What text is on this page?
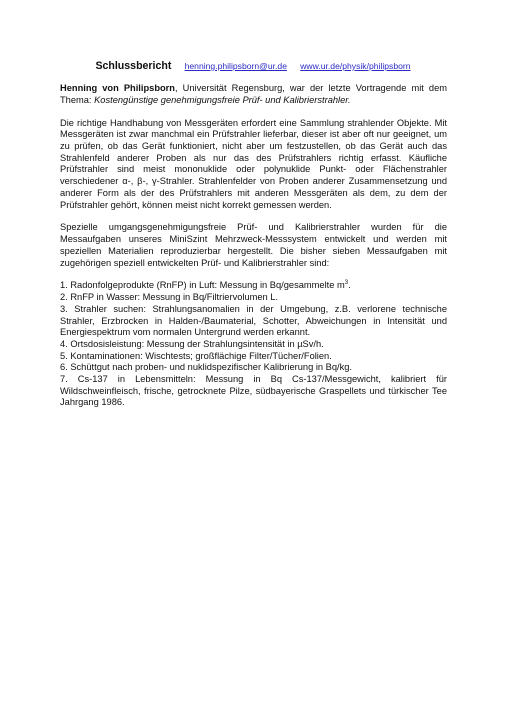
Schlussbericht henning.philipsborn@ur.de www.ur.de/physik/philipsborn

Henning von Philipsborn, Universität Regensburg, war der letzte Vortragende mit dem Thema: Kostengünstige genehmigungsfreie Prüf- und Kalibrierstrahler.

Die richtige Handhabung von Messgeräten erfordert eine Sammlung strahlender Objekte. Mit Messgeräten ist zwar manchmal ein Prüfstrahler lieferbar, dieser ist aber oft nur geeignet, um zu prüfen, ob das Gerät funktioniert, nicht aber um festzustellen, ob das Gerät auch das Strahlenfeld anderer Proben als nur das des Prüfstrahlers richtig erfasst. Käufliche Prüfstrahler sind meist mononuklide oder polynuklide Punkt- oder Flächenstrahler verschiedener α-, β-, γ-Strahler. Strahlenfelder von Proben anderer Zusammensetzung und anderer Form als der des Prüfstrahlers mit anderen Messgeräten als dem, zu dem der Prüfstrahler gehört, können meist nicht korrekt gemessen werden.

Spezielle umgangsgenehmigungsfreie Prüf- und Kalibrierstrahler wurden für die Messaufgaben unseres MiniSzint Mehrzweck-Messsystem entwickelt und werden mit speziellen Materialien reproduzierbar hergestellt. Die bisher sieben Messaufgaben mit zugehörigen speziell entwickelten Prüf- und Kalibrierstrahler sind:

1. Radonfolgeprodukte (RnFP) in Luft: Messung in Bq/gesammelte $m^3$.
2. RnFP in Wasser: Messung in Bq/Filtriervolumen L.
3. Strahler suchen: Strahlungsanomalien in der Umgebung, z.B. verlorene technische Strahler, Erzbrocken in Halden-/Baumaterial, Schotter, Abweichungen in Intensität und Energiespektrum vom normalen Untergrund werden erkannt.
4. Ortsdosisleistung: Messung der Strahlungsintensität in µSv/h.
5. Kontaminationen: Wischtests; großflächige Filter/Tücher/Folien.
6. Schüttgut nach proben- und nuklidspezifischer Kalibrierung in Bq/kg.
7. Cs-137 in Lebensmitteln: Messung in Bq Cs-137/Messgewicht, kalibriert für Wildschweinfleisch, frische, getrocknete Pilze, südbayerische Graspellets und türkischer Tee Jahrgang 1986.
